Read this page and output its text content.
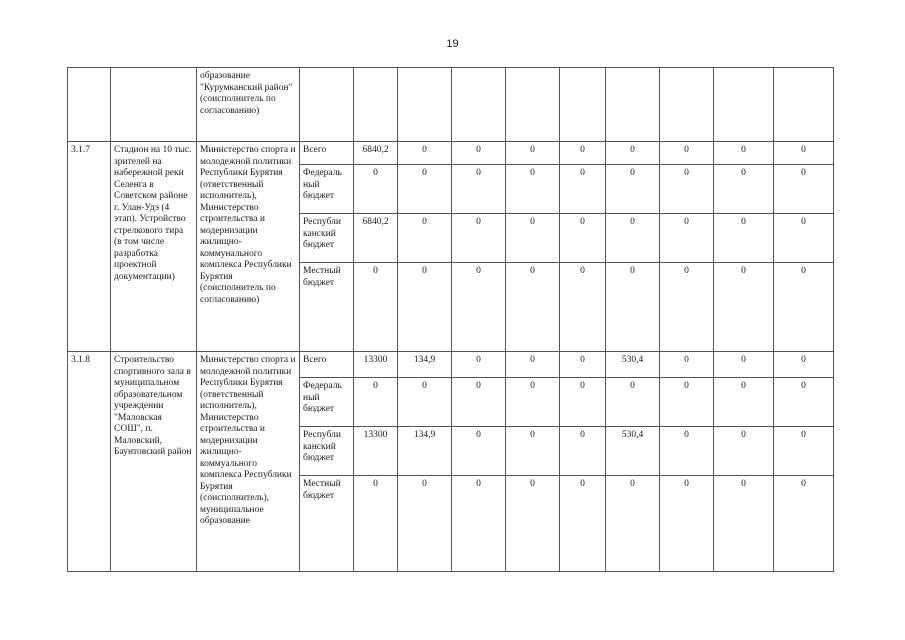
19
		образование "Курумканский район" (соисполнитель по согласованию)										
3.1.7	Стадион на 10 тыс. зрителей на набережной реки Селенга в Советском районе г. Улан-Удэ (4 этап). Устройство стрелкового тира (в том числе разработка проектной документации)	Министерство спорта и молодежной политики Республики Бурятия (ответственный исполнитель), Министерство строительства и модернизации жилищно-коммунального комплекса Республики Бурятия (соисполнитель по согласованию)	Всего	6840,2	0	0	0	0	0	0	0	0
			Федераль ный бюджет	0	0	0	0	0	0	0	0	0
			Республи канский бюджет	6840,2	0	0	0	0	0	0	0	0
			Местный бюджет	0	0	0	0	0	0	0	0	0
3.1.8	Строительство спортивного зала в муниципальном образовательном учреждении "Маловская СОШ", п. Маловский, Баунтовский район	Министерство спорта и молодежной политики Республики Бурятия (ответственный исполнитель), Министерство строительства и модернизации жилищно-коммуального комплекса Республики Бурятия (соисполнитель), муниципальное образование	Всего	13300	134,9	0	0	0	530,4	0	0	0
			Федераль ный бюджет	0	0	0	0	0	0	0	0	0
			Республи канский бюджет	13300	134,9	0	0	0	530,4	0	0	0
			Местный бюджет	0	0	0	0	0	0	0	0	0
